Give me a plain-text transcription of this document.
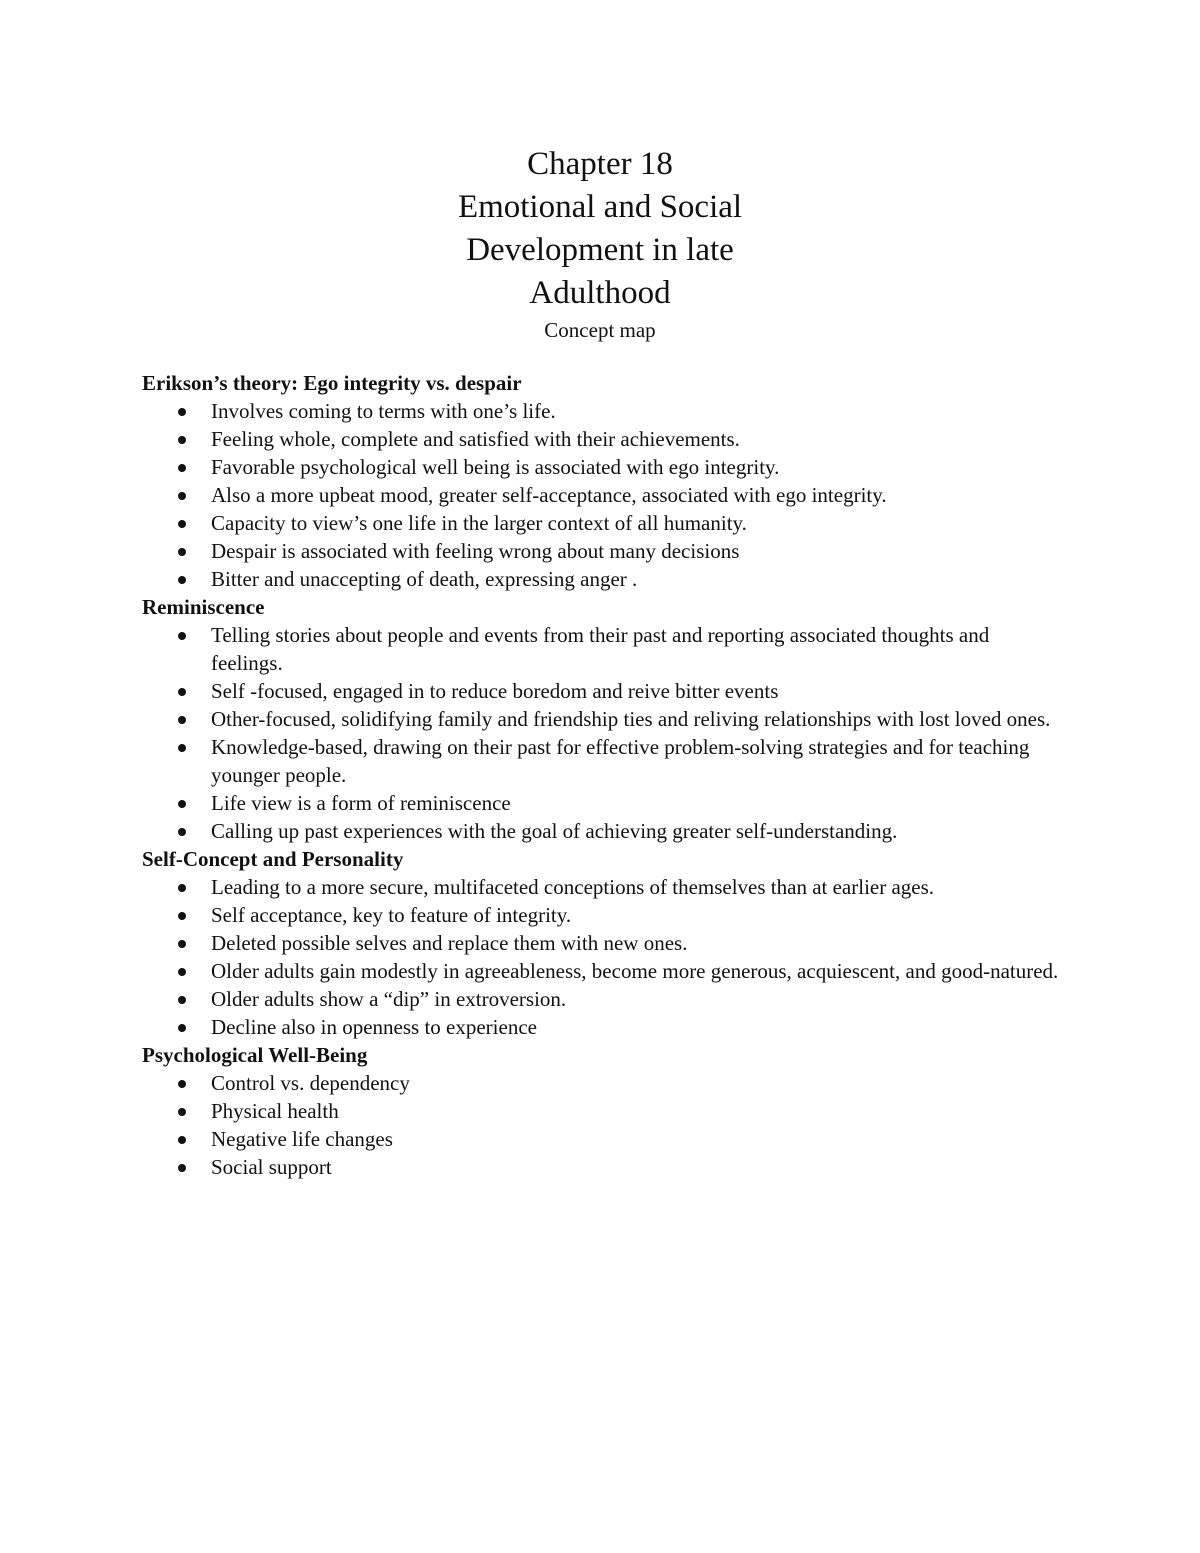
Chapter 18
Emotional and Social
Development in late
Adulthood

Concept map

Erikson’s theory: Ego integrity vs. despair

Involves coming to terms with one’s life.
Feeling whole, complete and satisfied with their achievements.
Favorable psychological well being is associated with ego integrity.
Also a more upbeat mood, greater self-acceptance, associated with ego integrity.
Capacity to view’s one life in the larger context of all humanity.
Despair is associated with feeling wrong about many decisions
Bitter and unaccepting of death, expressing anger .

Reminiscence

Telling stories about people and events from their past and reporting associated thoughts and feelings.
Self -focused, engaged in to reduce boredom and reive bitter events
Other-focused, solidifying family and friendship ties and reliving relationships with lost loved ones.
Knowledge-based, drawing on their past for effective problem-solving strategies and for teaching younger people.
Life view is a form of reminiscence
Calling up past experiences with the goal of achieving greater self-understanding.

Self-Concept and Personality

Leading to a more secure, multifaceted conceptions of themselves than at earlier ages.
Self acceptance, key to feature of integrity.
Deleted possible selves and replace them with new ones.
Older adults gain modestly in agreeableness, become more generous, acquiescent, and good-natured.
Older adults show a “dip” in extroversion.
Decline also in openness to experience

Psychological Well-Being

Control vs. dependency
Physical health
Negative life changes
Social support
